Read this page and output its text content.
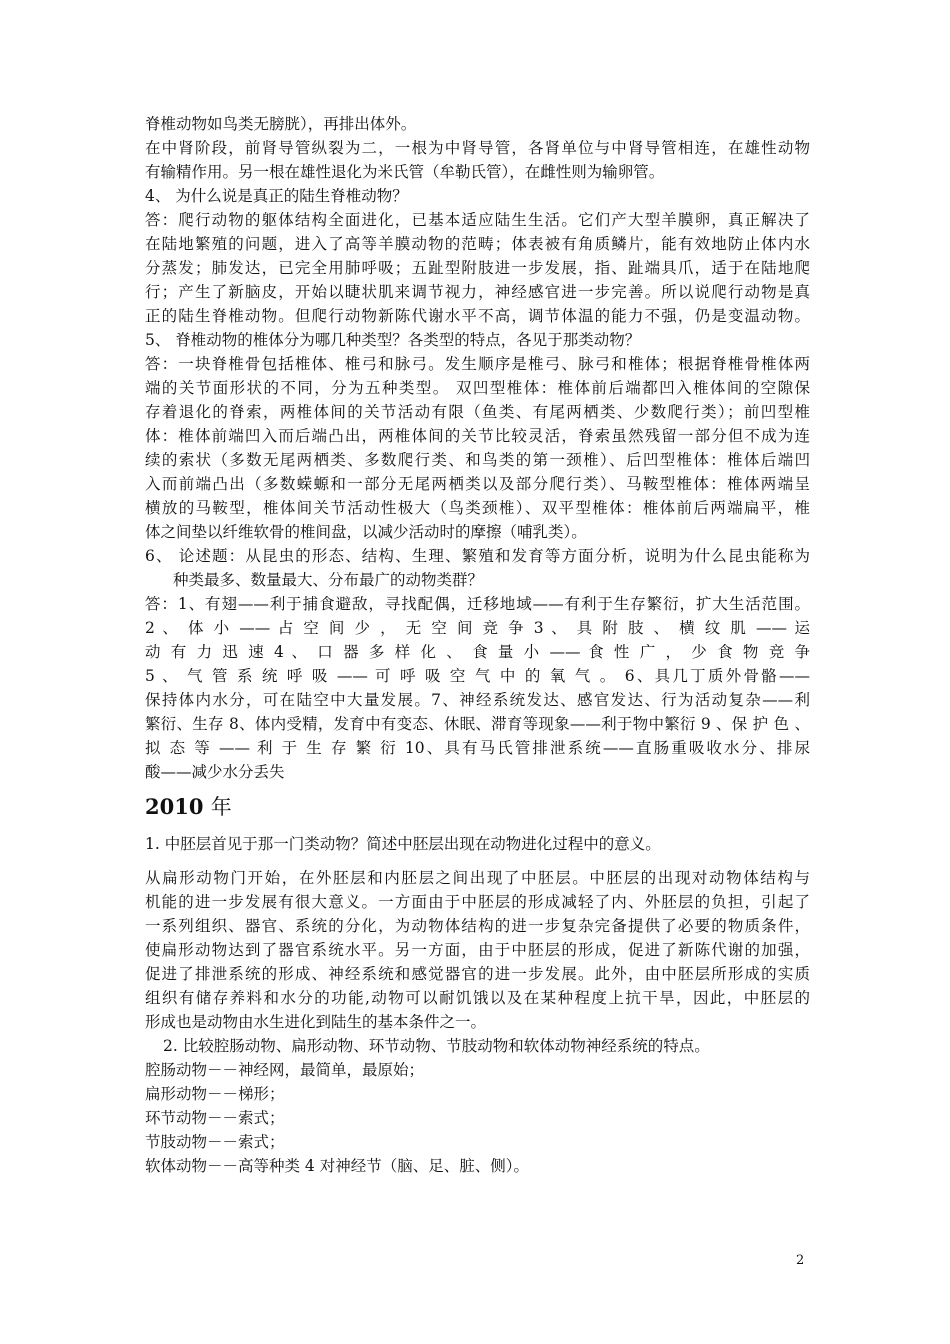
脊椎动物如鸟类无膀胱），再排出体外。
在中肾阶段，前肾导管纵裂为二，一根为中肾导管，各肾单位与中肾导管相连，在雄性动物
有输精作用。另一根在雄性退化为米氏管（牟勒氏管），在雌性则为输卵管。
4、 为什么说是真正的陆生脊椎动物？
答：爬行动物的躯体结构全面进化，已基本适应陆生生活。它们产大型羊膜卵，真正解决了
在陆地繁殖的问题，进入了高等羊膜动物的范畴；体表被有角质鳞片，能有效地防止体内水
分蒸发；肺发达，已完全用肺呼吸；五趾型附肢进一步发展，指、趾端具爪，适于在陆地爬
行；产生了新脑皮，开始以睫状肌来调节视力，神经感官进一步完善。所以说爬行动物是真
正的陆生脊椎动物。但爬行动物新陈代谢水平不高，调节体温的能力不强，仍是变温动物。
5、 脊椎动物的椎体分为哪几种类型？各类型的特点，各见于那类动物？
答：一块脊椎骨包括椎体、椎弓和脉弓。发生顺序是椎弓、脉弓和椎体；根据脊椎骨椎体两
端的关节面形状的不同，分为五种类型。 双凹型椎体：椎体前后端都凹入椎体间的空隙保
存着退化的脊索，两椎体间的关节活动有限（鱼类、有尾两栖类、少数爬行类）；前凹型椎
体：椎体前端凹入而后端凸出，两椎体间的关节比较灵活，脊索虽然残留一部分但不成为连
续的索状（多数无尾两栖类、多数爬行类、和鸟类的第一颈椎）、后凹型椎体：椎体后端凹
入而前端凸出（多数蝾螈和一部分无尾两栖类以及部分爬行类）、马鞍型椎体：椎体两端呈
横放的马鞍型，椎体间关节活动性极大（鸟类颈椎）、双平型椎体：椎体前后两端扁平，椎
体之间垫以纤维软骨的椎间盘，以减少活动时的摩擦（哺乳类）。
6、 论述题：从昆虫的形态、结构、生理、繁殖和发育等方面分析，说明为什么昆虫能称为
种类最多、数量最大、分布最广的动物类群？
答：1、有翅——利于捕食避敌，寻找配偶，迁移地域——有利于生存繁衍，扩大生活范围。
2 、 体 小 —— 占 空 间 少 ， 无 空 间 竞 争 3 、 具 附 肢 、 横 纹 肌 —— 运
动 有 力 迅 速 4 、 口 器 多 样 化 、 食 量 小 —— 食 性 广 ， 少 食 物 竞 争
5 、 气 管 系 统 呼 吸 —— 可 呼 吸 空 气 中 的 氧 气 。 6、具几丁质外骨骼——
保持体内水分，可在陆空中大量发展。7、神经系统发达、感官发达、行为活动复杂——利
繁衍、生存 8、体内受精，发育中有变态、休眠、滞育等现象——利于物中繁衍 9 、保 护 色 、
拟 态 等 —— 利 于 生 存 繁 衍 10、具有马氏管排泄系统——直肠重吸收水分、排尿
酸——减少水分丢失
2010 年
1. 中胚层首见于那一门类动物？简述中胚层出现在动物进化过程中的意义。
从扁形动物门开始，在外胚层和内胚层之间出现了中胚层。中胚层的出现对动物体结构与
机能的进一步发展有很大意义。一方面由于中胚层的形成减轻了内、外胚层的负担，引起了
一系列组织、器官、系统的分化，为动物体结构的进一步复杂完备提供了必要的物质条件，
使扁形动物达到了器官系统水平。另一方面，由于中胚层的形成，促进了新陈代谢的加强，
促进了排泄系统的形成、神经系统和感觉器官的进一步发展。此外，由中胚层所形成的实质
组织有储存养料和水分的功能,动物可以耐饥饿以及在某种程度上抗干旱，因此，中胚层的
形成也是动物由水生进化到陆生的基本条件之一。
2. 比较腔肠动物、扁形动物、环节动物、节肢动物和软体动物神经系统的特点。
腔肠动物－－神经网，最简单，最原始；
扁形动物－－梯形；
环节动物－－索式；
节肢动物－－索式；
软体动物－－高等种类 4 对神经节（脑、足、脏、侧）。
2
